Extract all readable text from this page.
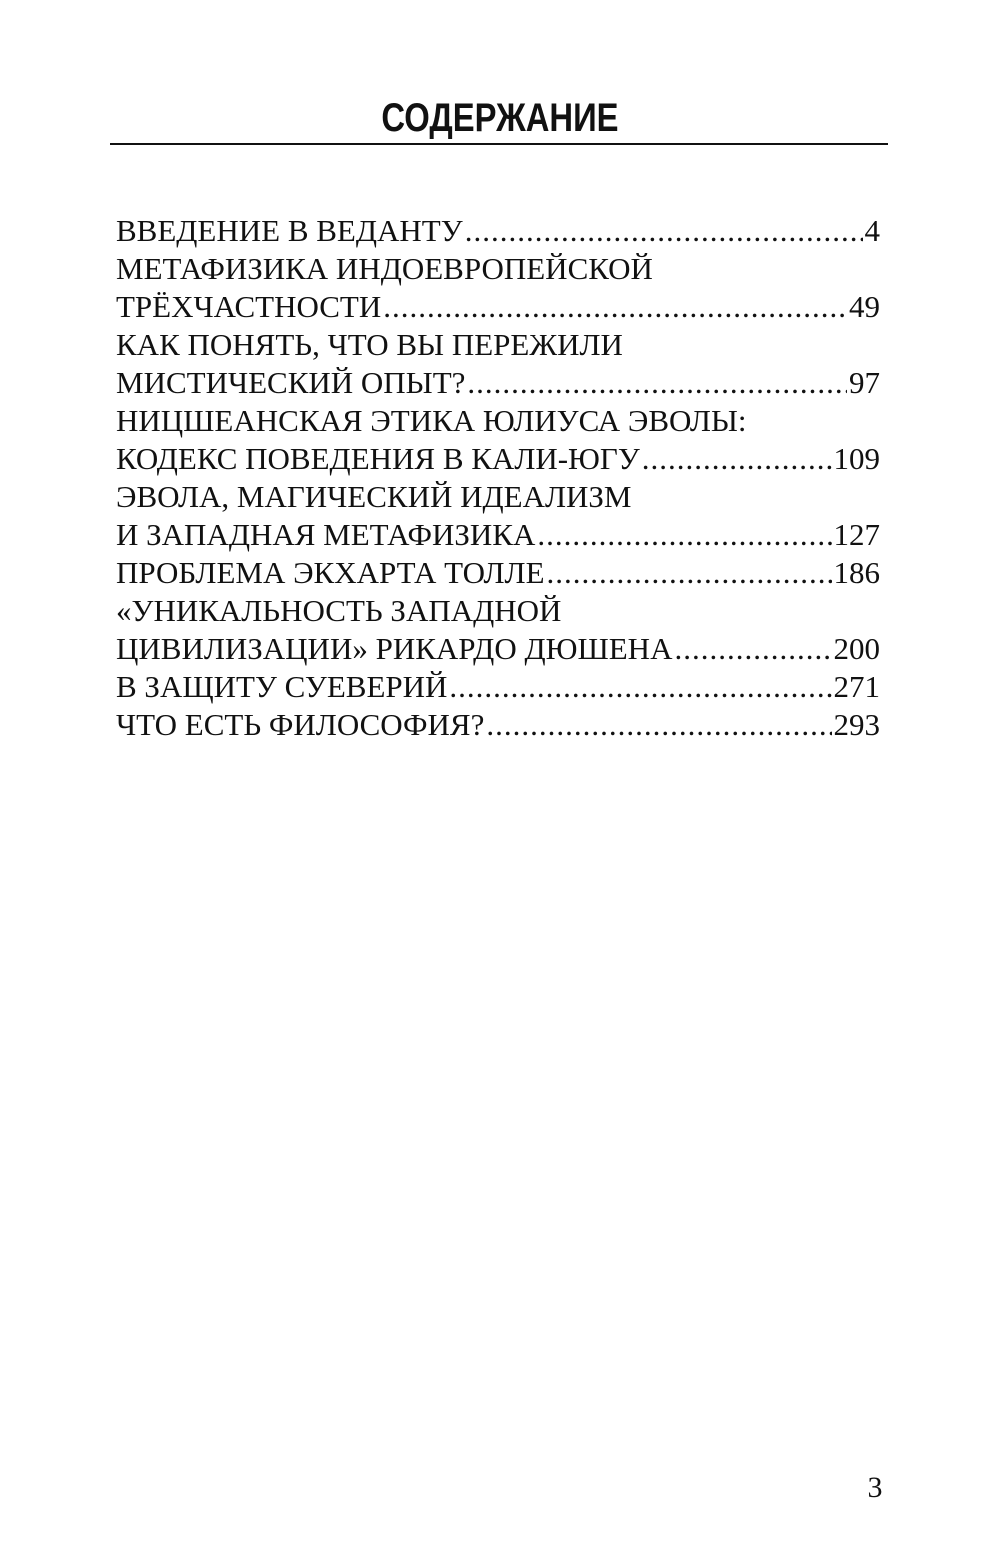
СОДЕРЖАНИЕ
ВВЕДЕНИЕ В ВЕДАНТУ .....	4
МЕТАФИЗИКА ИНДОЕВРОПЕЙСКОЙ
ТРЁХЧАСТНОСТИ .....	49
КАК ПОНЯТЬ, ЧТО ВЫ ПЕРЕЖИЛИ
МИСТИЧЕСКИЙ ОПЫТ? .....	97
НИЦШЕАНСКАЯ ЭТИКА ЮЛИУСА ЭВОЛЫ:
КОДЕКС ПОВЕДЕНИЯ В КАЛИ-ЮГУ .....	109
ЭВОЛА, МАГИЧЕСКИЙ ИДЕАЛИЗМ
И ЗАПАДНАЯ МЕТАФИЗИКА .....	127
ПРОБЛЕМА ЭКХАРТА ТОЛЛЕ .....	186
«УНИКАЛЬНОСТЬ ЗАПАДНОЙ
ЦИВИЛИЗАЦИИ» РИКАРДО ДЮШЕНА .....	200
В ЗАЩИТУ СУЕВЕРИЙ .....	271
ЧТО ЕСТЬ ФИЛОСОФИЯ? .....	293
3
